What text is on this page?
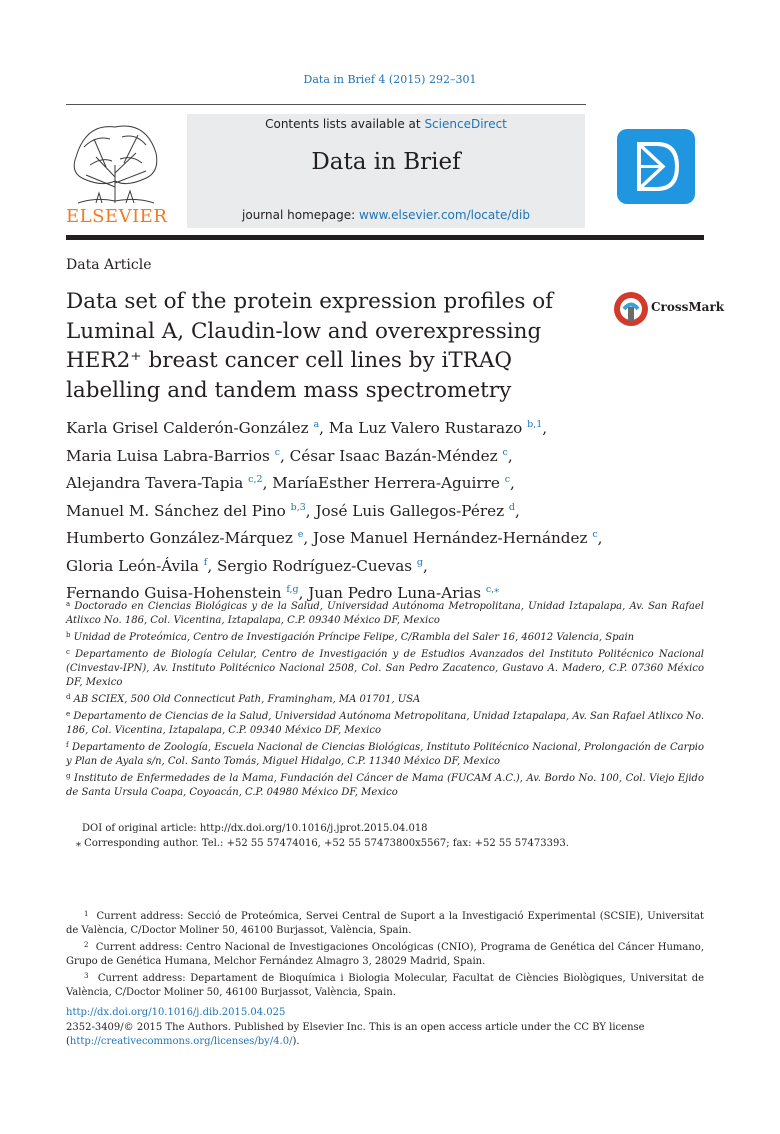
Data in Brief 4 (2015) 292–301
ELSEVIER
Contents lists available at ScienceDirect
Data in Brief
journal homepage: www.elsevier.com/locate/dib
Data Article
Data set of the protein expression profiles of
Luminal A, Claudin-low and overexpressing
HER2⁺ breast cancer cell lines by iTRAQ
labelling and tandem mass spectrometry
CrossMark
Karla Grisel Calderón-González $^a$, Ma Luz Valero Rustarazo $^{b,1}$,
Maria Luisa Labra-Barrios $^c$, César Isaac Bazán-Méndez $^c$,
Alejandra Tavera-Tapia $^{c,2}$, MaríaEsther Herrera-Aguirre $^c$,
Manuel M. Sánchez del Pino $^{b,3}$, José Luis Gallegos-Pérez $^d$,
Humberto González-Márquez $^e$, Jose Manuel Hernández-Hernández $^c$,
Gloria León-Ávila $^f$, Sergio Rodríguez-Cuevas $^g$,
Fernando Guisa-Hohenstein $^{f,g}$, Juan Pedro Luna-Arias $^{c,⁎}$
$^a$ Doctorado en Ciencias Biológicas y de la Salud, Universidad Autónoma Metropolitana, Unidad Iztapalapa, Av. San Rafael Atlixco No. 186, Col. Vicentina, Iztapalapa, C.P. 09340 México DF, Mexico
$^b$ Unidad de Proteómica, Centro de Investigación Príncipe Felipe, C/Rambla del Saler 16, 46012 Valencia, Spain
$^c$ Departamento de Biología Celular, Centro de Investigación y de Estudios Avanzados del Instituto Politécnico Nacional (Cinvestav-IPN), Av. Instituto Politécnico Nacional 2508, Col. San Pedro Zacatenco, Gustavo A. Madero, C.P. 07360 México DF, Mexico
$^d$ AB SCIEX, 500 Old Connecticut Path, Framingham, MA 01701, USA
$^e$ Departamento de Ciencias de la Salud, Universidad Autónoma Metropolitana, Unidad Iztapalapa, Av. San Rafael Atlixco No. 186, Col. Vicentina, Iztapalapa, C.P. 09340 México DF, Mexico
$^f$ Departamento de Zoología, Escuela Nacional de Ciencias Biológicas, Instituto Politécnico Nacional, Prolongación de Carpio y Plan de Ayala s/n, Col. Santo Tomás, Miguel Hidalgo, C.P. 11340 México DF, Mexico
$^g$ Instituto de Enfermedades de la Mama, Fundación del Cáncer de Mama (FUCAM A.C.), Av. Bordo No. 100, Col. Viejo Ejido de Santa Ursula Coapa, Coyoacán, C.P. 04980 México DF, Mexico
DOI of original article: http://dx.doi.org/10.1016/j.jprot.2015.04.018
⁎ Corresponding author. Tel.: +52 55 57474016, +52 55 57473800x5567; fax: +52 55 57473393.

$^1$ Current address: Secció de Proteómica, Servei Central de Suport a la Investigació Experimental (SCSIE), Universitat de València, C/Doctor Moliner 50, 46100 Burjassot, València, Spain.

$^2$ Current address: Centro Nacional de Investigaciones Oncológicas (CNIO), Programa de Genética del Cáncer Humano, Grupo de Genética Humana, Melchor Fernández Almagro 3, 28029 Madrid, Spain.

$^3$ Current address: Departament de Bioquímica i Biologia Molecular, Facultat de Ciències Biològiques, Universitat de València, C/Doctor Moliner 50, 46100 Burjassot, València, Spain.

http://dx.doi.org/10.1016/j.dib.2015.04.025
2352-3409/© 2015 The Authors. Published by Elsevier Inc. This is an open access article under the CC BY license
(http://creativecommons.org/licenses/by/4.0/).
